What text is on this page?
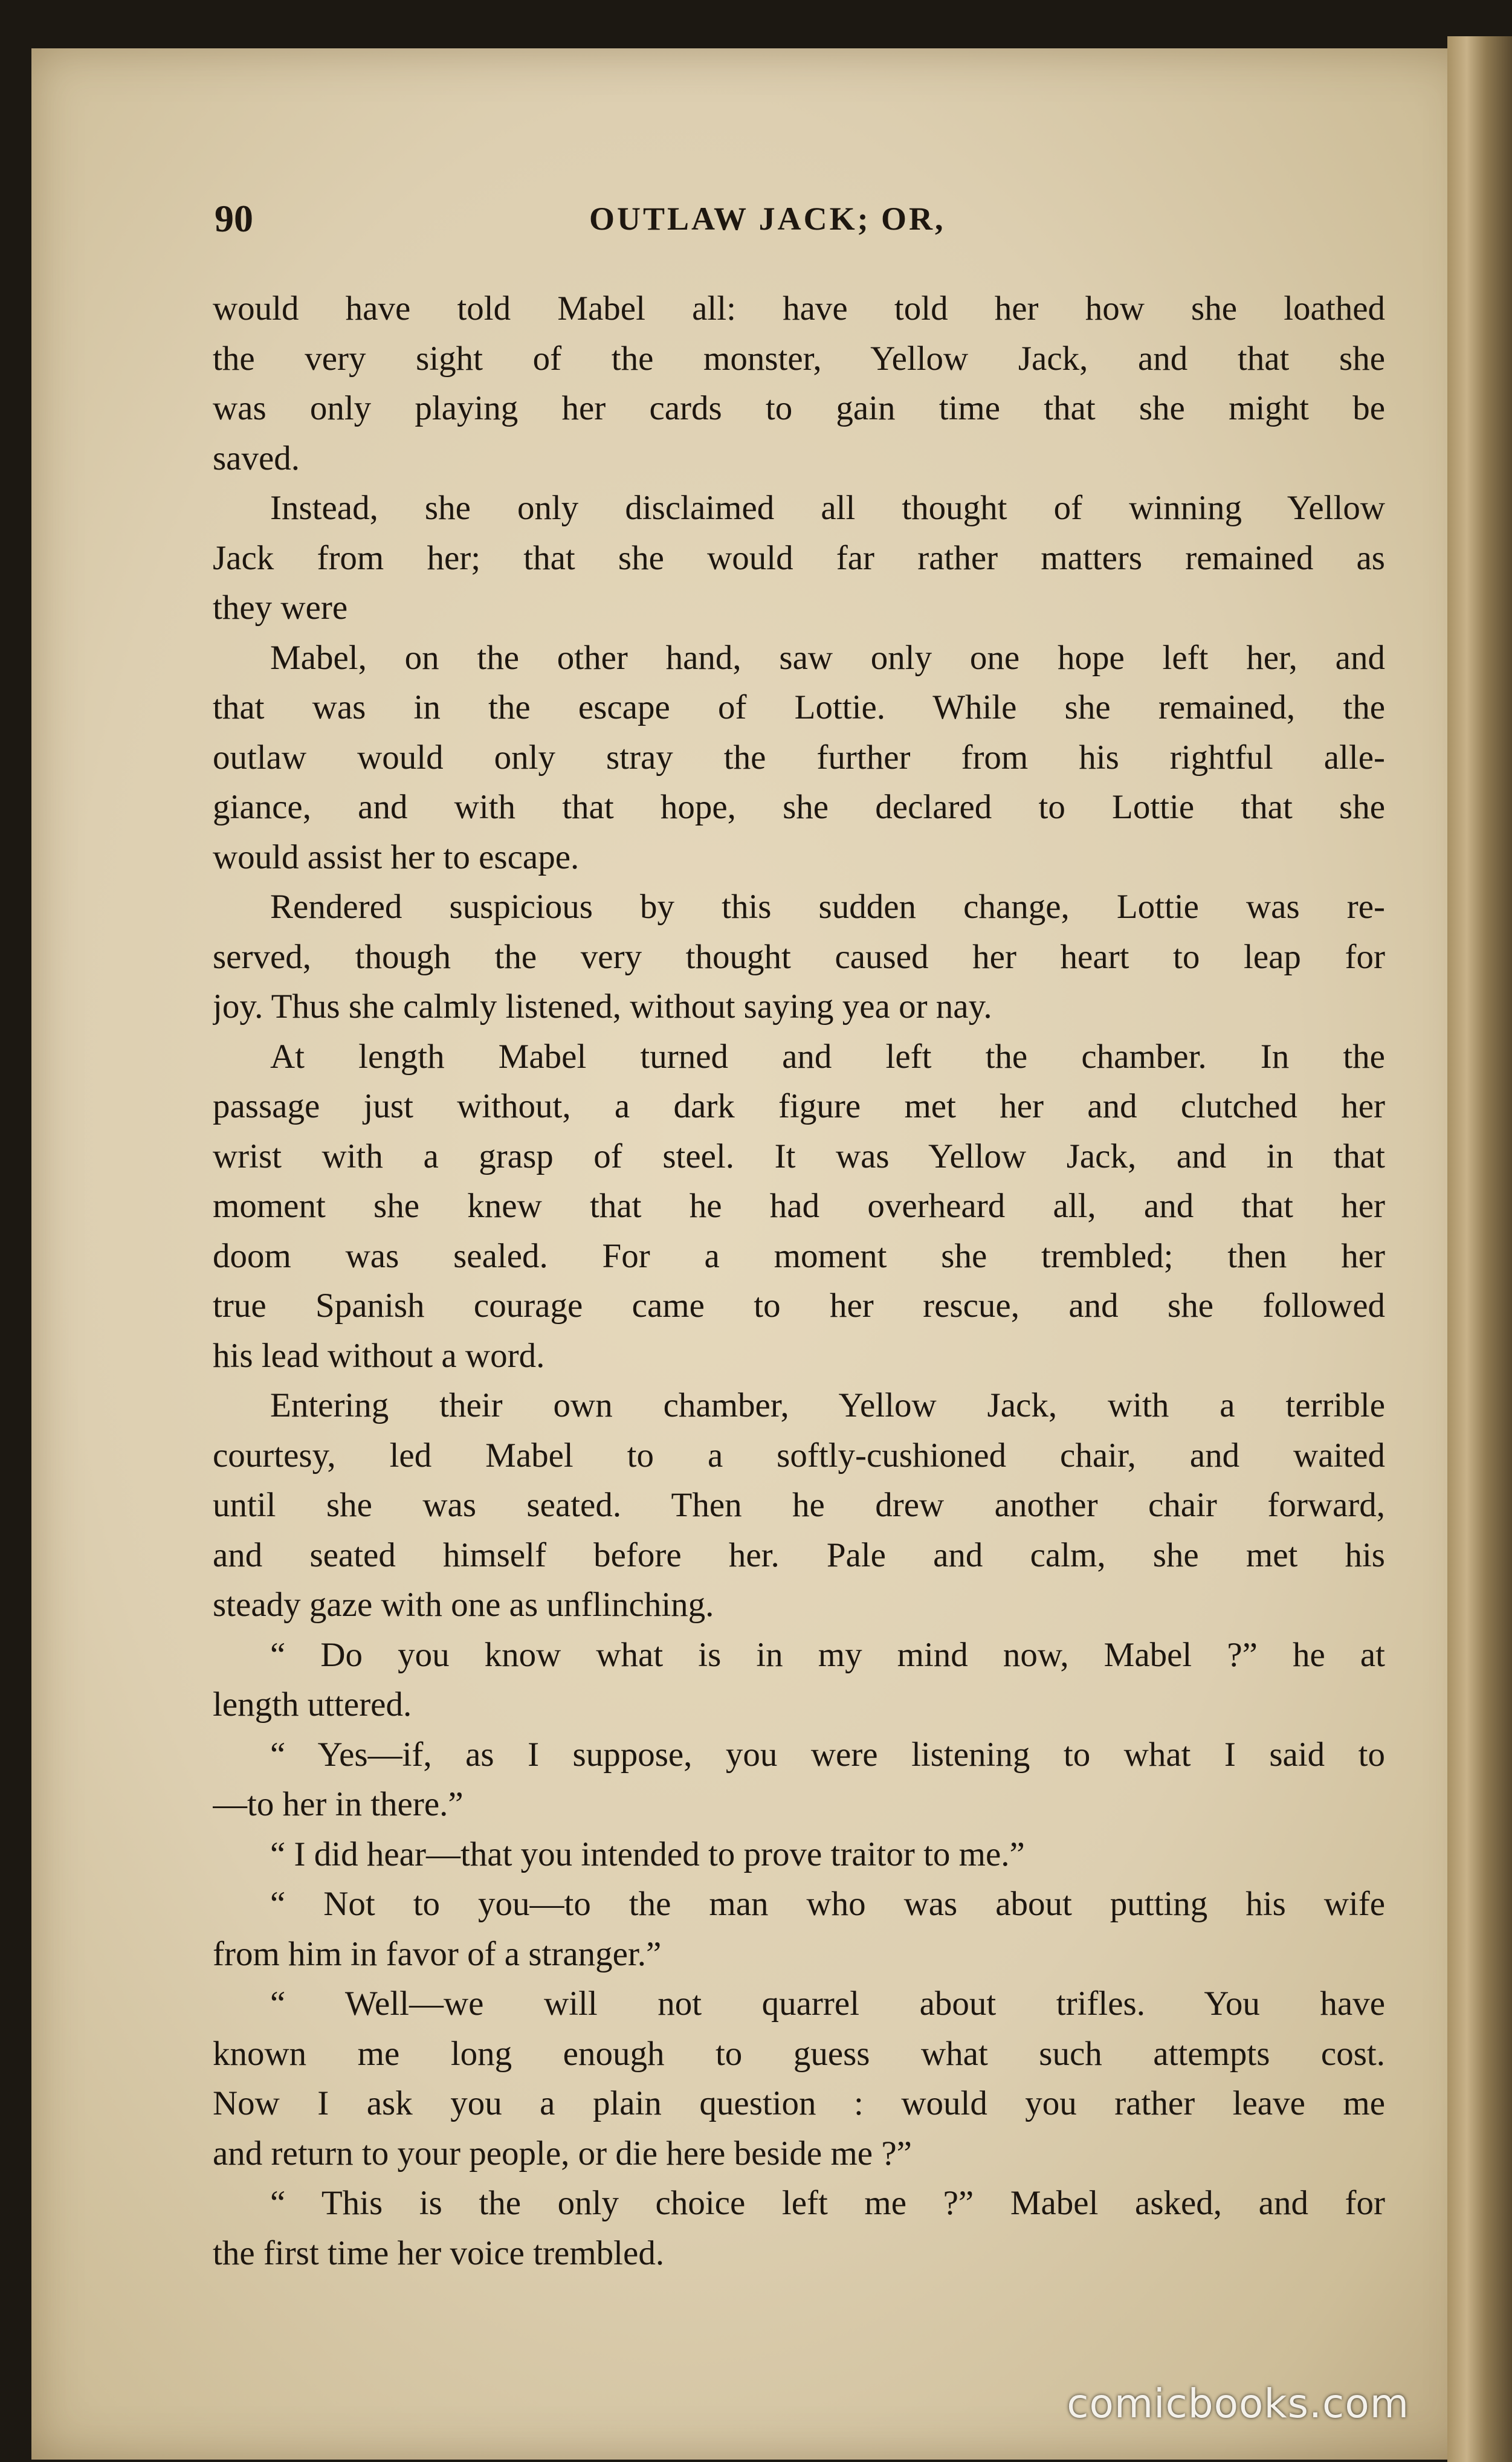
90	OUTLAW JACK; OR,
would have told Mabel all: have told her how she loathed
the very sight of the monster, Yellow Jack, and that she
was only playing her cards to gain time that she might be
saved.
Instead, she only disclaimed all thought of winning Yellow
Jack from her; that she would far rather matters remained as
they were
Mabel, on the other hand, saw only one hope left her, and
that was in the escape of Lottie. While she remained, the
outlaw would only stray the further from his rightful alle-
giance, and with that hope, she declared to Lottie that she
would assist her to escape.
Rendered suspicious by this sudden change, Lottie was re-
served, though the very thought caused her heart to leap for
joy. Thus she calmly listened, without saying yea or nay.
At length Mabel turned and left the chamber. In the
passage just without, a dark figure met her and clutched her
wrist with a grasp of steel. It was Yellow Jack, and in that
moment she knew that he had overheard all, and that her
doom was sealed. For a moment she trembled; then her
true Spanish courage came to her rescue, and she followed
his lead without a word.
Entering their own chamber, Yellow Jack, with a terrible
courtesy, led Mabel to a softly-cushioned chair, and waited
until she was seated. Then he drew another chair forward,
and seated himself before her. Pale and calm, she met his
steady gaze with one as unflinching.
“ Do you know what is in my mind now, Mabel ?” he at
length uttered.
“ Yes—if, as I suppose, you were listening to what I said to
—to her in there.”
“ I did hear—that you intended to prove traitor to me.”
“ Not to you—to the man who was about putting his wife
from him in favor of a stranger.”
“ Well—we will not quarrel about trifles. You have
known me long enough to guess what such attempts cost.
Now I ask you a plain question : would you rather leave me
and return to your people, or die here beside me ?”
“ This is the only choice left me ?” Mabel asked, and for
the first time her voice trembled.
comicbooks.com
